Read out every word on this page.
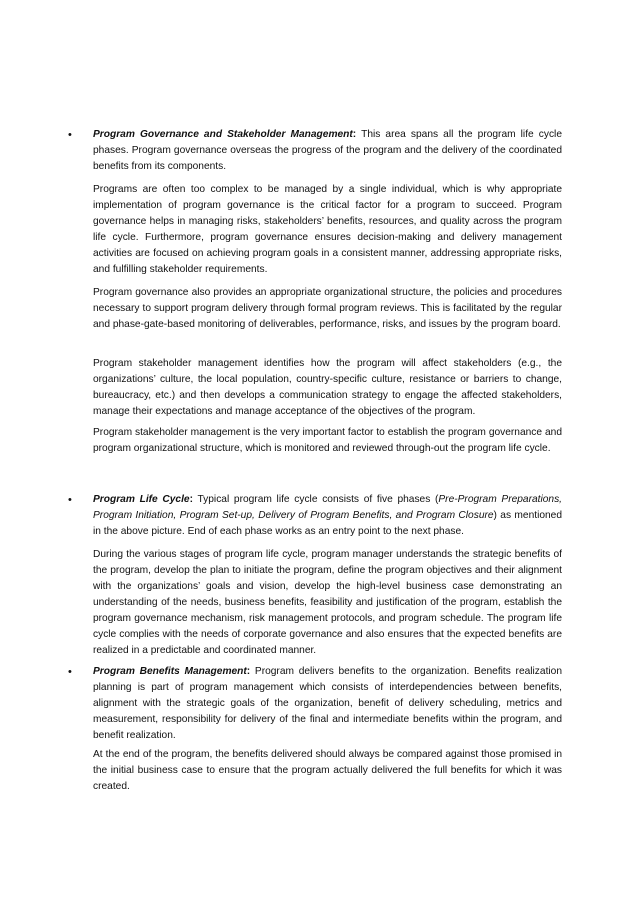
• Program Governance and Stakeholder Management: This area spans all the program life cycle phases. Program governance overseas the progress of the program and the delivery of the coordinated benefits from its components.

Programs are often too complex to be managed by a single individual, which is why appropriate implementation of program governance is the critical factor for a program to succeed. Program governance helps in managing risks, stakeholders’ benefits, resources, and quality across the program life cycle. Furthermore, program governance ensures decision-making and delivery management activities are focused on achieving program goals in a consistent manner, addressing appropriate risks, and fulfilling stakeholder requirements.

Program governance also provides an appropriate organizational structure, the policies and procedures necessary to support program delivery through formal program reviews. This is facilitated by the regular and phase-gate-based monitoring of deliverables, performance, risks, and issues by the program board.

Program stakeholder management identifies how the program will affect stakeholders (e.g., the organizations’ culture, the local population, country-specific culture, resistance or barriers to change, bureaucracy, etc.) and then develops a communication strategy to engage the affected stakeholders, manage their expectations and manage acceptance of the objectives of the program.

Program stakeholder management is the very important factor to establish the program governance and program organizational structure, which is monitored and reviewed through-out the program life cycle.

• Program Life Cycle: Typical program life cycle consists of five phases (Pre-Program Preparations, Program Initiation, Program Set-up, Delivery of Program Benefits, and Program Closure) as mentioned in the above picture. End of each phase works as an entry point to the next phase.

During the various stages of program life cycle, program manager understands the strategic benefits of the program, develop the plan to initiate the program, define the program objectives and their alignment with the organizations’ goals and vision, develop the high-level business case demonstrating an understanding of the needs, business benefits, feasibility and justification of the program, establish the program governance mechanism, risk management protocols, and program schedule. The program life cycle complies with the needs of corporate governance and also ensures that the expected benefits are realized in a predictable and coordinated manner.

• Program Benefits Management: Program delivers benefits to the organization. Benefits realization planning is part of program management which consists of interdependencies between benefits, alignment with the strategic goals of the organization, benefit of delivery scheduling, metrics and measurement, responsibility for delivery of the final and intermediate benefits within the program, and benefit realization.

At the end of the program, the benefits delivered should always be compared against those promised in the initial business case to ensure that the program actually delivered the full benefits for which it was created.
